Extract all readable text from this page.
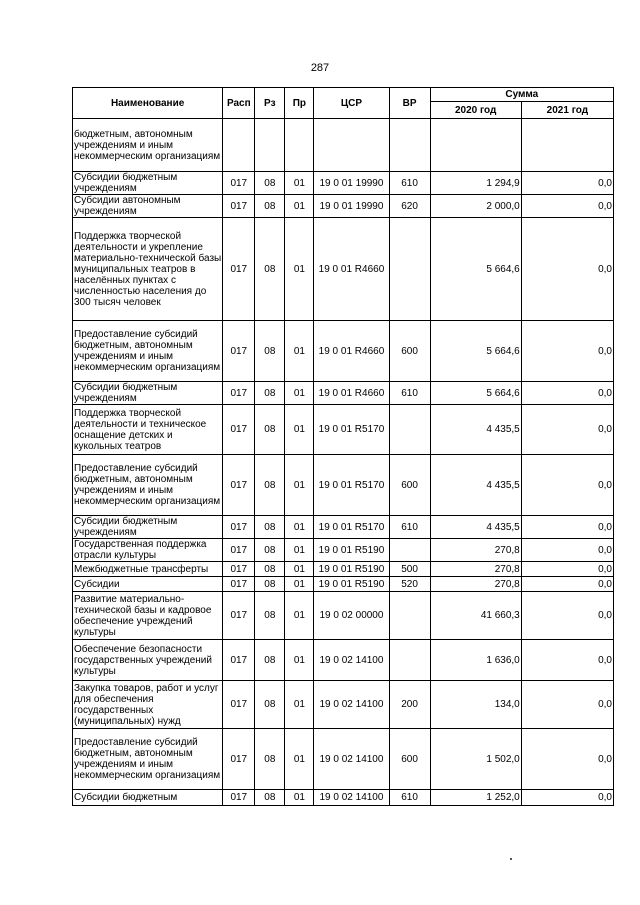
287
Наименование	Расп	Рз	Пр	ЦСР	ВР	Сумма	
						2020 год	2021 год
бюджетным, автономным учреждениям и иным некоммерческим организациям							
Субсидии бюджетным учреждениям	017	08	01	19 0 01 19990	610	1 294,9	0,0
Субсидии автономным учреждениям	017	08	01	19 0 01 19990	620	2 000,0	0,0
Поддержка творческой деятельности и укрепление материально-технической базы муниципальных театров в населённых пунктах с численностью населения до 300 тысяч человек	017	08	01	19 0 01 R4660		5 664,6	0,0
Предоставление субсидий бюджетным, автономным учреждениям и иным некоммерческим организациям	017	08	01	19 0 01 R4660	600	5 664,6	0,0
Субсидии бюджетным учреждениям	017	08	01	19 0 01 R4660	610	5 664,6	0,0
Поддержка творческой деятельности и техническое оснащение детских и кукольных театров	017	08	01	19 0 01 R5170		4 435,5	0,0
Предоставление субсидий бюджетным, автономным учреждениям и иным некоммерческим организациям	017	08	01	19 0 01 R5170	600	4 435,5	0,0
Субсидии бюджетным учреждениям	017	08	01	19 0 01 R5170	610	4 435,5	0,0
Государственная поддержка отрасли культуры	017	08	01	19 0 01 R5190		270,8	0,0
Межбюджетные трансферты	017	08	01	19 0 01 R5190	500	270,8	0,0
Субсидии	017	08	01	19 0 01 R5190	520	270,8	0,0
Развитие материально-технической базы и кадровое обеспечение учреждений культуры	017	08	01	19 0 02 00000		41 660,3	0,0
Обеспечение безопасности государственных учреждений культуры	017	08	01	19 0 02 14100		1 636,0	0,0
Закупка товаров, работ и услуг для обеспечения государственных (муниципальных) нужд	017	08	01	19 0 02 14100	200	134,0	0,0
Предоставление субсидий бюджетным, автономным учреждениям и иным некоммерческим организациям	017	08	01	19 0 02 14100	600	1 502,0	0,0
Субсидии бюджетным	017	08	01	19 0 02 14100	610	1 252,0	0,0
